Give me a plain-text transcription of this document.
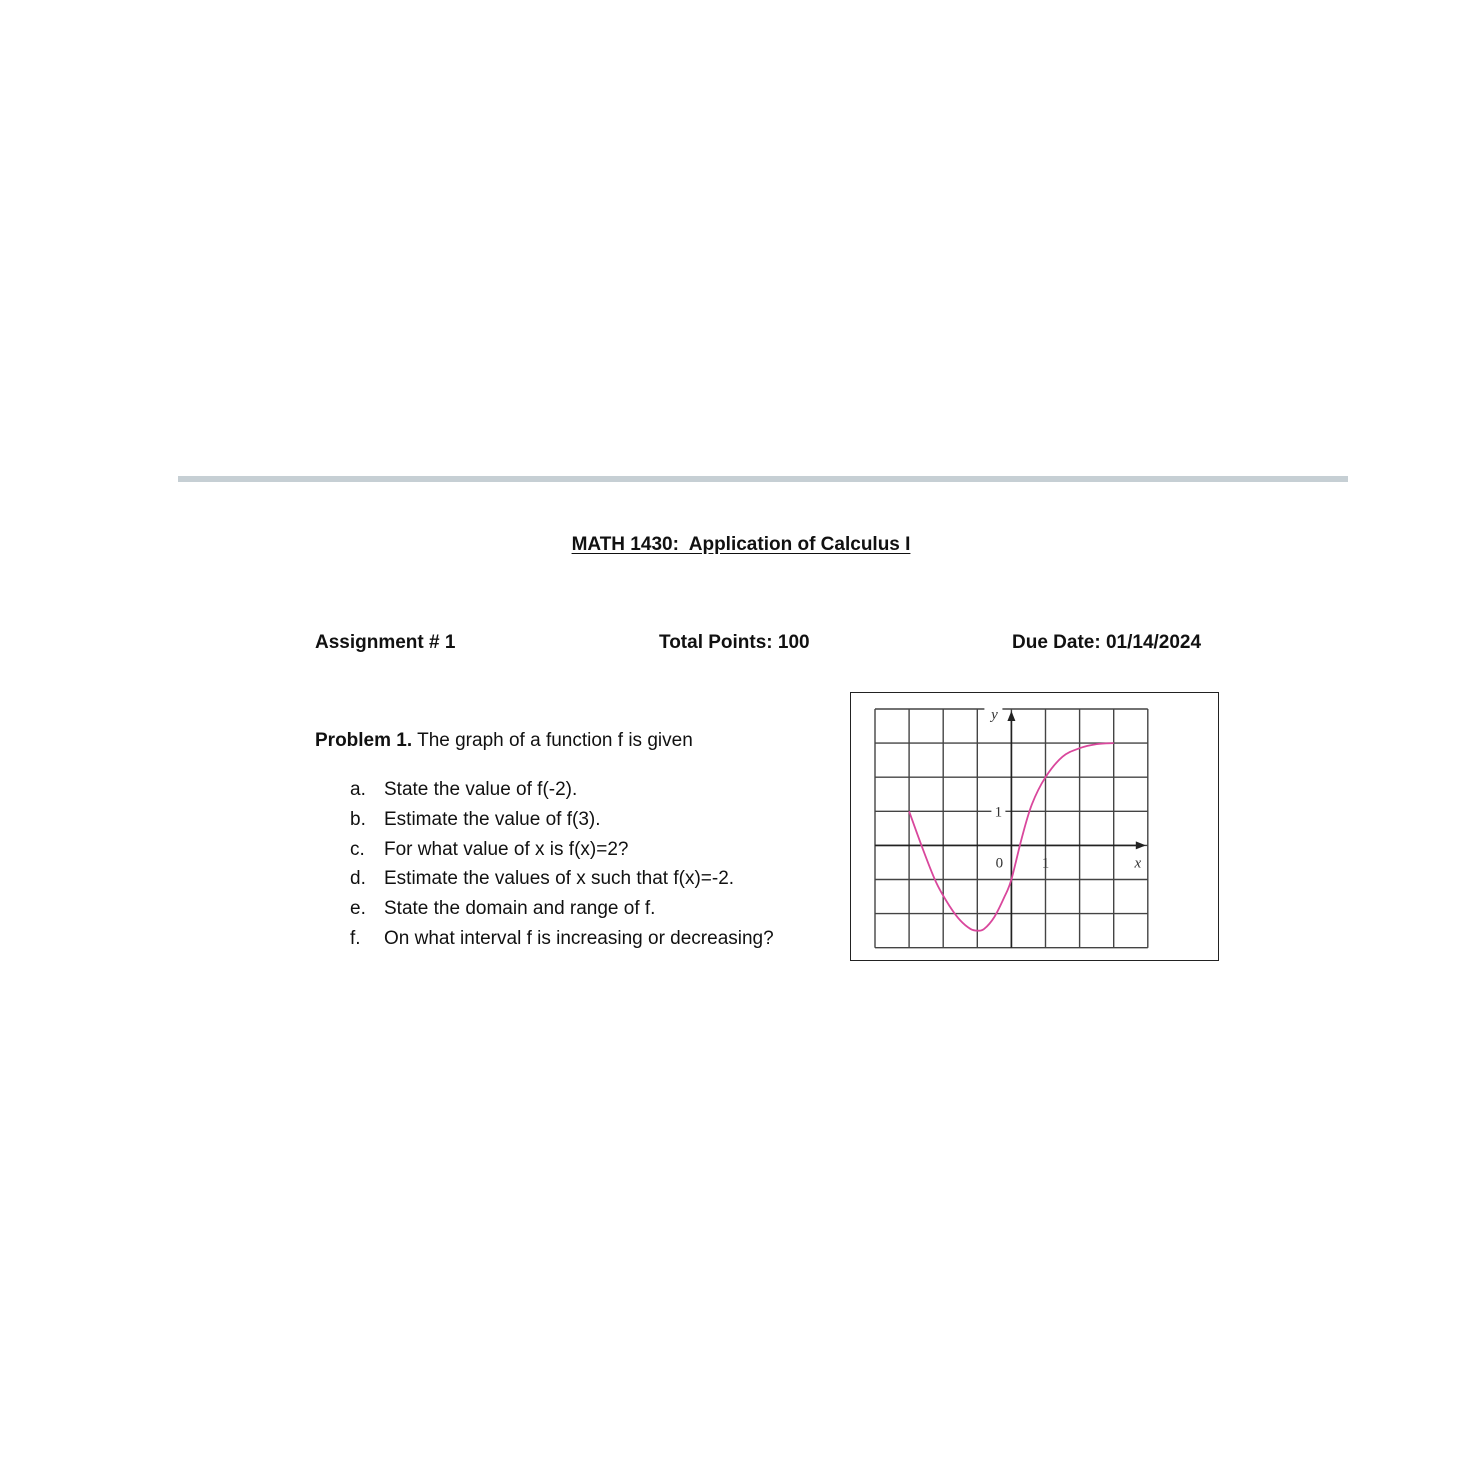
MATH 1430:  Application of Calculus I
Assignment # 1	Total Points: 100	Due Date: 01/14/2024
Problem 1. The graph of a function f is given
a. State the value of f(-2).
b. Estimate the value of f(3).
c. For what value of x is f(x)=2?
d. Estimate the values of x such that f(x)=-2.
e. State the domain and range of f.
f. On what interval f is increasing or decreasing?
1
0	1
y
x
